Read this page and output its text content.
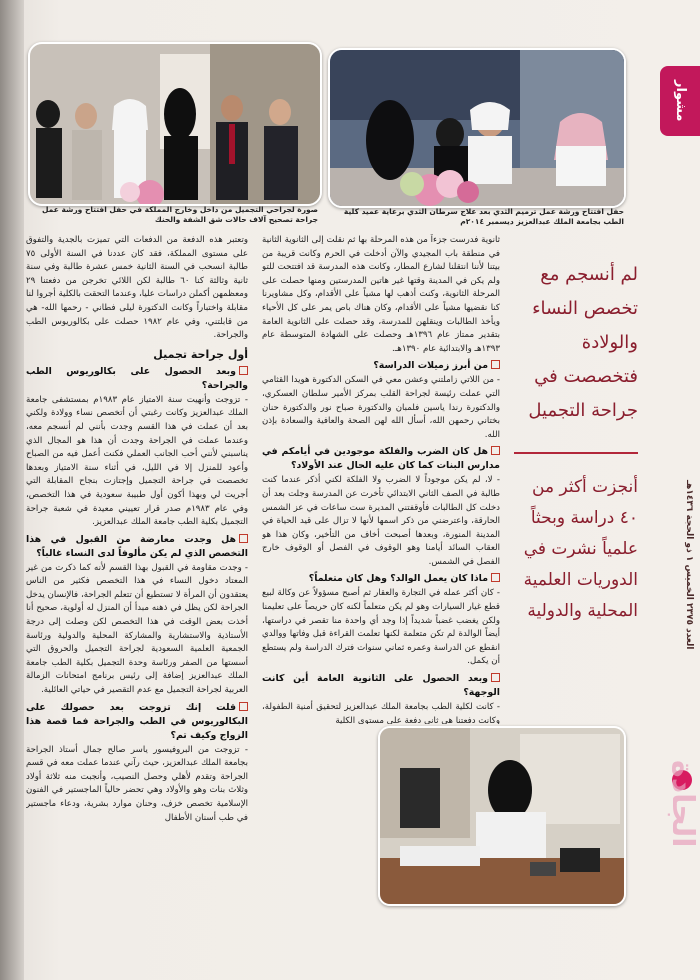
صورة لجراحي التجميل من داخل وخارج المملكة في حفل افتتاح ورشة عمل جراحة تصحيح آلاف حالات شق الشفة والحنك
حفل افتتاح ورشة عمل ترميم الثدي بعد علاج سرطان الثدي برعاية عميد كلية الطب بجامعة الملك عبدالعزيز ديسمبر ٢٠١٤م
وتعتبر هذه الدفعة من الدفعات التي تميزت بالجدية والتفوق على مستوى المملكة، فقد كان عددنا في السنة الأولى ٧٥ طالبة انسحب في السنة الثانية خمس عشرة طالبة وفي سنة ثانية وثالثة كنا ٦٠ طالبة لكن اللائي تخرجن من دفعتنا ٢٩ ومعظمهن أكملن دراسات عليا، وعندما التحقت بالكلية أجروا لنا مقابلة واختباراً وكانت الدكتورة ليلى فطاني - رحمها الله- هي من قابلتني، وفي عام ١٩٨٢ حصلت على بكالوريوس الطب والجراحة.
أول جراحة تجميل
وبعد الحصول على بكالوريوس الطب والجراحة؟
- تزوجت وأنهيت سنة الامتياز عام ١٩٨٣م بمستشفى جامعة الملك عبدالعزيز وكانت رغبتي أن أتخصص نساء وولادة ولكني بعد أن عملت في هذا القسم وجدت بأنني لم أنسجم معه، وعندما عملت في الجراحة وجدت أن هذا هو المجال الذي يناسبني لأنني أحب الجانب العملي فكنت أعمل فيه من الصباح وأعود للمنزل إلا في الليل، في أثناء سنة الامتياز وبعدها تخصصت في جراحة التجميل وإجتازت بنجاح المقابلة التي أجريت لي وبهذا أكون أول طبيبة سعودية في هذا التخصص، وفي عام ١٩٨٣م صدر قرار تعييني معيدة في شعبة جراحة التجميل بكلية الطب جامعة الملك عبدالعزيز.
هل وجدت معارضة من القبول في هذا التخصص الذي لم يكن مألوفاً لدى النساء غالباً؟
- وجدت مقاومة في القبول بهذا القسم لأنه كما ذكرت من غير المعتاد دخول النساء في هذا التخصص فكثير من الناس يعتقدون أن المرأة لا تستطيع أن تتعلم الجراحة، فالإنسان يدخل الجراحة لكن يظل في ذهنه مبدأ أن المنزل له أولوية، صحيح أنا أخذت بعض الوقت في هذا التخصص لكن وصلت إلى درجة الأستاذية والاستشارية والمشاركة المحلية والدولية ورئاسة الجمعية العلمية السعودية لجراحة التجميل والحروق التي أسستها من الصفر ورئاسة وحدة التجميل بكلية الطب جامعة الملك عبدالعزيز إضافة إلى رئيس برنامج امتحانات الزمالة العربية لجراحة التجميل مع عدم التقصير في حياتي العائلية.
قلت إنك تزوجت بعد حصولك على البكالوريوس في الطب والجراحة فما قصة هذا الزواج وكيف تم؟
- تزوجت من البروفيسور ياسر صالح جمال أستاذ الجراحة بجامعة الملك عبدالعزيز، حيث رآني عندما عملت معه في قسم الجراحة وتقدم لأهلي وحصل النصيب، وأنجبت منه ثلاثة أولاد وثلاث بنات وهو والأولاد وهي تحضر حالياً الماجستير في الفنون الإسلامية تخصص خزف، وحنان موارد بشرية، ودعاء ماجستير في طب أسنان الأطفال
ثانوية فدرست جزءاً من هذه المرحلة بها ثم نقلت إلى الثانوية الثانية في منطقة باب المجيدي والآن أدخلت في الحرم وكانت قريبة من بيتنا لأننا انتقلنا لشارع المطار، وكانت هذه المدرسة قد افتتحت للتو ولم يكن في المدينة وقتها غير هاتين المدرستين ومنها حصلت على المرحلة الثانوية، وكنت أذهب لها مشياً على الأقدام، وكل مشاويرنا كنا نقضيها مشياً على الأقدام، وكان هناك باص يمر على كل الأحياء ويأخذ الطالبات وينقلهن للمدرسة، وقد حصلت على الثانوية العامة بتقدير ممتاز عام ١٣٩٦هـ وحصلت على الشهادة المتوسطة عام ١٣٩٣هـ والابتدائية عام ١٣٩٠هـ.
من أبرز زميلات الدراسة؟
- من اللاتي زاملتني وعشن معي في السكن الدكتورة هويدا القثامي التي عملت رئيسة لجراحة القلب بمركز الأمير سلطان العسكري، والدكتورة رندا ياسين فلمبان والدكتورة صباح نور والدكتورة حنان بختاني رحمهن الله، أسأل الله لهن الصحة والعافية والسعادة بإذن الله.
هل كان الضرب والفلكة موجودين في أيامكم في مدارس البنات كما كان عليه الحال عند الأولاد؟
- لا، لم يكن موجوداً لا الضرب ولا الفلكة لكني أذكر عندما كنت طالبة في الصف الثاني الابتدائي تأخرت عن المدرسة وجلت بعد أن دخلت كل الطالبات فأوقفتني المديرة ست ساعات في عز الشمس الحارقة، واعترضني من ذكر اسمها لأنها لا تزال على قيد الحياة في المدينة المنورة، وبعدها أصبحت أخاف من التأخير، وكان هذا هو العقاب السائد أيامنا وهو الوقوف في الفصل أو الوقوف خارج الفصل في الشمس.
ماذا كان يعمل الوالد؟ وهل كان متعلماً؟
- كان أكثر عمله في التجارة والعقار ثم أصبح مسؤولاً عن وكالة لبيع قطع غيار السيارات وهو لم يكن متعلماً لكنه كان حريصاً على تعليمنا ولكن يغضب غضباً شديداً إذا وجد أي واحدة منا تقصر في دراستها، أيضاً الوالدة لم تكن متعلمة لكنها تعلمت القراءة قبل وفاتها ووالدي انقطع عن الدراسة وعمره ثماني سنوات فترك الدراسة ولم يستطع أن يكمل.
وبعد الحصول على الثانوية العامة أين كانت الوجهة؟
- كانت لكلية الطب بجامعة الملك عبدالعزيز لتحقيق أمنية الطفولة، وكانت دفعتنا هي ثاني دفعة على مستوى الكلية
لم أنسجم مع تخصص النساء والولادة فتخصصت في جراحة التجميل
أنجزت أكثر من ٤٠ دراسة وبحثاً علمياً نشرت في الدوريات العلمية المحلية والدولية
مشوار
العدد ٢٣٧٥ الخميس ١ ذو الحجة ١٤٣٦هـ
الجادة
